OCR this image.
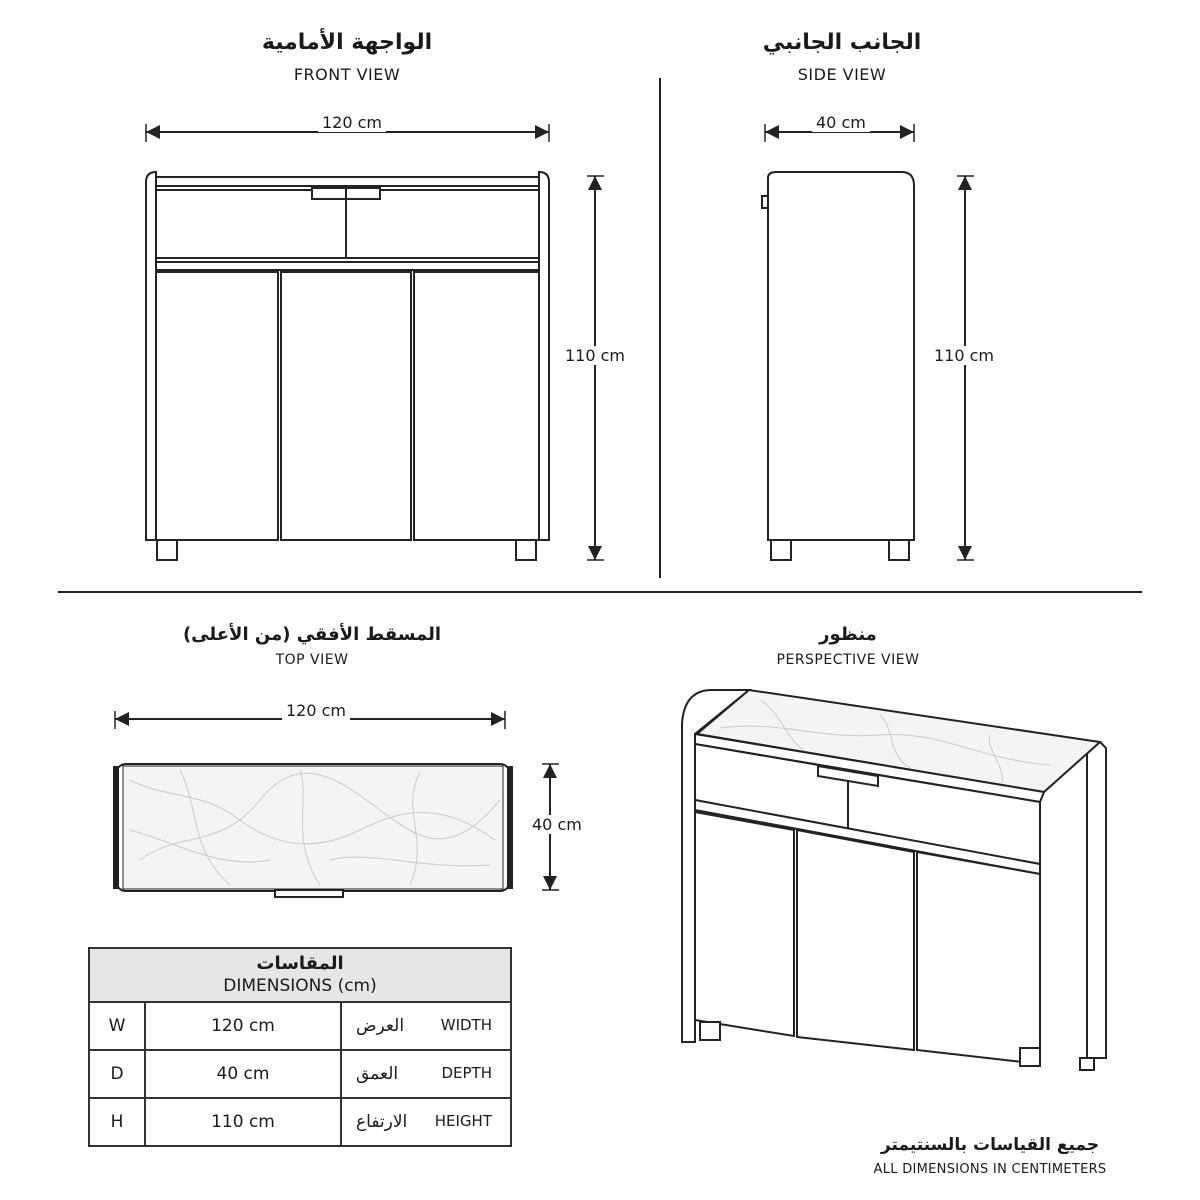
الواجهة الأمامية
FRONT VIEW
الجانب الجانبي
SIDE VIEW
المسقط الأفقي (من الأعلى)
TOP VIEW
منظور
PERSPECTIVE VIEW
120 cm
110 cm
40 cm
110 cm
120 cm
40 cm
المقاسات
DIMENSIONS (cm)		

W	120 cm	العرض WIDTH

D	40 cm	العمق DEPTH

H	110 cm	الارتفاع HEIGHT
جميع القياسات بالسنتيمتر
ALL DIMENSIONS IN CENTIMETERS
